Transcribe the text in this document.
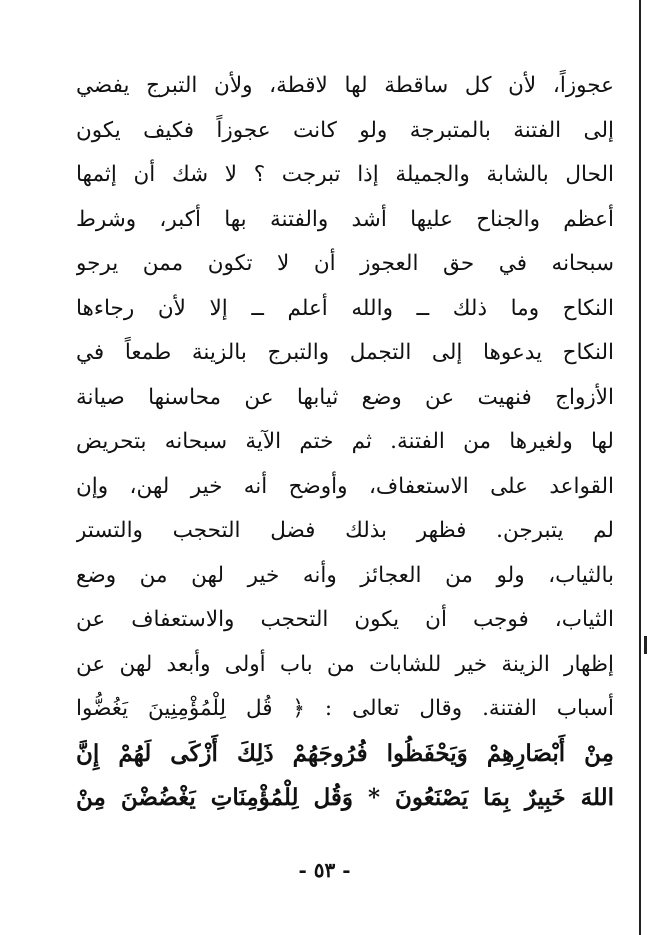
عجوزاً، لأن كل ساقطة لها لاقطة، ولأن التبرج يفضي
إلى الفتنة بالمتبرجة ولو كانت عجوزاً فكيف يكون
الحال بالشابة والجميلة إذا تبرجت ؟ لا شك أن إثمها
أعظم والجناح عليها أشد والفتنة بها أكبر، وشرط
سبحانه في حق العجوز أن لا تكون ممن يرجو
النكاح وما ذلك ــ والله أعلم ــ إلا لأن رجاءها
النكاح يدعوها إلى التجمل والتبرج بالزينة طمعاً في
الأزواج فنهيت عن وضع ثيابها عن محاسنها صيانة
لها ولغيرها من الفتنة. ثم ختم الآية سبحانه بتحريض
القواعد على الاستعفاف، وأوضح أنه خير لهن، وإن
لم يتبرجن. فظهر بذلك فضل التحجب والتستر
بالثياب، ولو من العجائز وأنه خير لهن من وضع
الثياب، فوجب أن يكون التحجب والاستعفاف عن
إظهار الزينة خير للشابات من باب أولى وأبعد لهن عن
أسباب الفتنة. وقال تعالى : ﴿ قُل لِلْمُؤْمِنِينَ يَغُضُّوا
مِنْ أَبْصَارِهِمْ وَيَحْفَظُوا فُرُوجَهُمْ ذَلِكَ أَزْكَى لَهُمْ إِنَّ
اللهَ خَبِيرٌ بِمَا يَصْنَعُونَ * وَقُل لِلْمُؤْمِنَاتِ يَغْضُضْنَ مِنْ
- ٥٣ -
